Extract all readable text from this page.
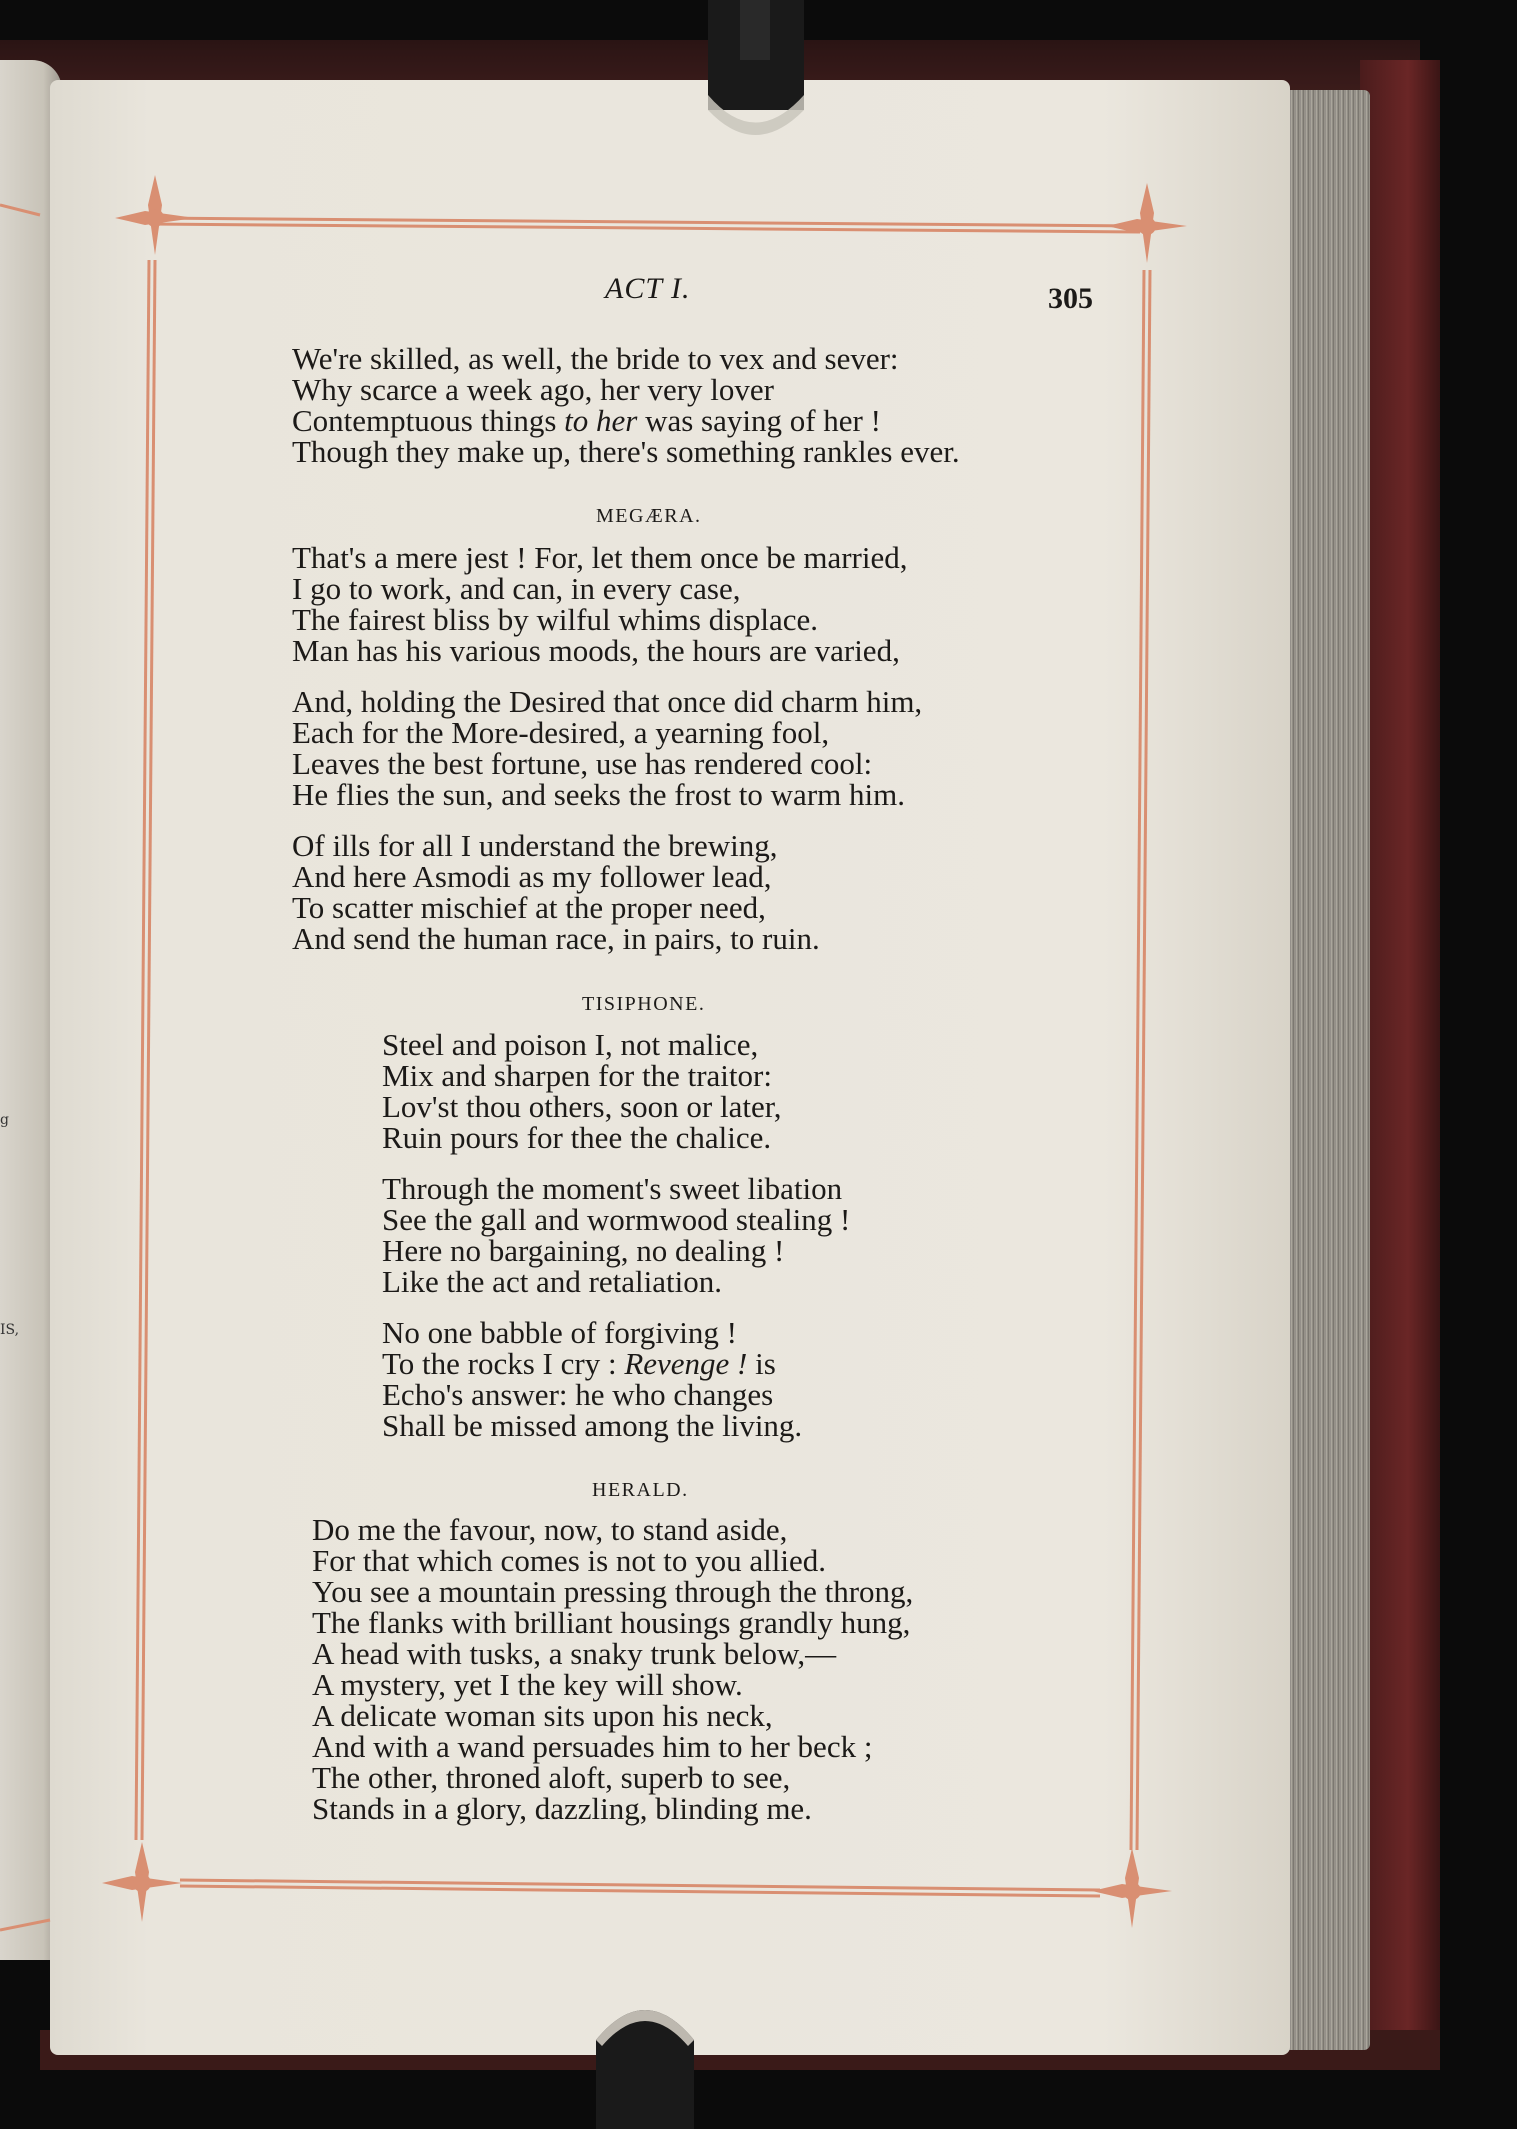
g
IS,
ACT I.	305
We're skilled, as well, the bride to vex and sever:
Why scarce a week ago, her very lover
Contemptuous things to her was saying of her !
Though they make up, there's something rankles ever.
MEGÆRA.
That's a mere jest ! For, let them once be married,
I go to work, and can, in every case,
The fairest bliss by wilful whims displace.
Man has his various moods, the hours are varied,
And, holding the Desired that once did charm him,
Each for the More-desired, a yearning fool,
Leaves the best fortune, use has rendered cool:
He flies the sun, and seeks the frost to warm him.
Of ills for all I understand the brewing,
And here Asmodi as my follower lead,
To scatter mischief at the proper need,
And send the human race, in pairs, to ruin.
TISIPHONE.
Steel and poison I, not malice,
Mix and sharpen for the traitor:
Lov'st thou others, soon or later,
Ruin pours for thee the chalice.
Through the moment's sweet libation
See the gall and wormwood stealing !
Here no bargaining, no dealing !
Like the act and retaliation.
No one babble of forgiving !
To the rocks I cry : Revenge ! is
Echo's answer: he who changes
Shall be missed among the living.
HERALD.
Do me the favour, now, to stand aside,
For that which comes is not to you allied.
You see a mountain pressing through the throng,
The flanks with brilliant housings grandly hung,
A head with tusks, a snaky trunk below,—
A mystery, yet I the key will show.
A delicate woman sits upon his neck,
And with a wand persuades him to her beck ;
The other, throned aloft, superb to see,
Stands in a glory, dazzling, blinding me.
